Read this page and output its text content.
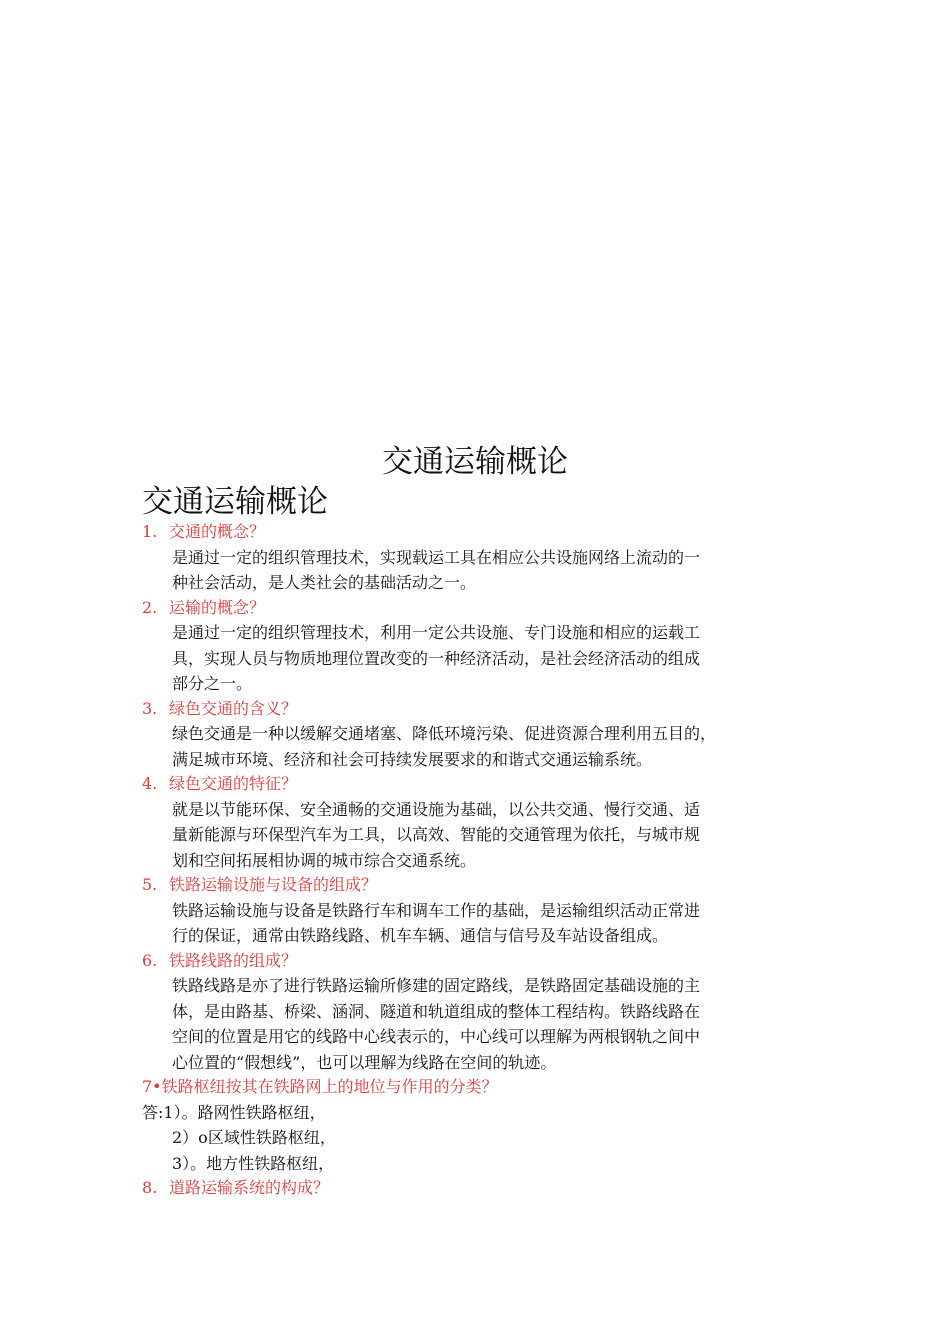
交通运输概论
交通运输概论
1. 交通的概念？

是通过一定的组织管理技术，实现载运工具在相应公共设施网络上流动的一

种社会活动，是人类社会的基础活动之一。

2. 运输的概念？

是通过一定的组织管理技术，利用一定公共设施、专门设施和相应的运载工

具，实现人员与物质地理位置改变的一种经济活动，是社会经济活动的组成

部分之一。

3. 绿色交通的含义？

绿色交通是一种以缓解交通堵塞、降低环境污染、促进资源合理利用五目的，

满足城市环境、经济和社会可持续发展要求的和谐式交通运输系统。

4. 绿色交通的特征？

就是以节能环保、安全通畅的交通设施为基础，以公共交通、慢行交通、适

量新能源与环保型汽车为工具，以高效、智能的交通管理为依托，与城市规

划和空间拓展相协调的城市综合交通系统。

5. 铁路运输设施与设备的组成？

铁路运输设施与设备是铁路行车和调车工作的基础，是运输组织活动正常进

行的保证，通常由铁路线路、机车车辆、通信与信号及车站设备组成。

6. 铁路线路的组成？

铁路线路是亦了进行铁路运输所修建的固定路线，是铁路固定基础设施的主

体，是由路基、桥梁、涵洞、隧道和轨道组成的整体工程结构。铁路线路在

空间的位置是用它的线路中心线表示的，中心线可以理解为两根钢轨之间中

心位置的“假想线”，也可以理解为线路在空间的轨迹。

7•铁路枢纽按其在铁路网上的地位与作用的分类？
答:1）。路网性铁路枢纽，
2）o区域性铁路枢纽，
3）。地方性铁路枢纽，
8. 道路运输系统的构成？
